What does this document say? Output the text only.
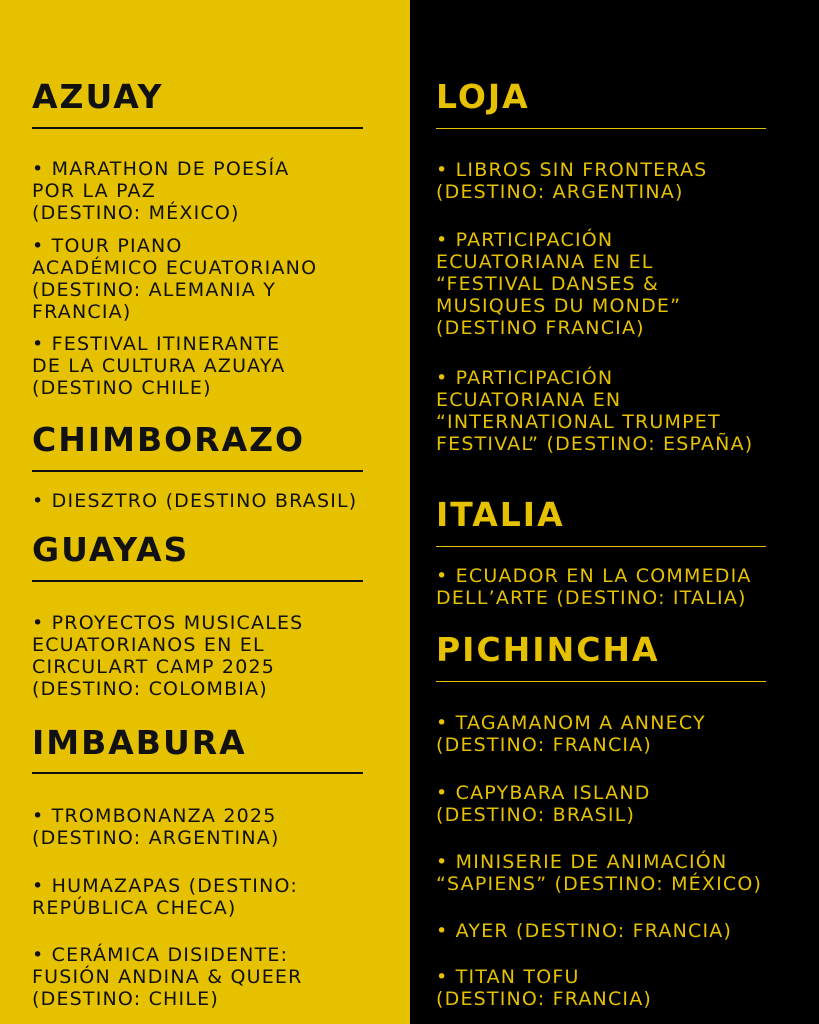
AZUAY

• MARATHON DE POESÍA
POR LA PAZ
(DESTINO: MÉXICO)

• TOUR PIANO
ACADÉMICO ECUATORIANO
(DESTINO: ALEMANIA Y
FRANCIA)

• FESTIVAL ITINERANTE
DE LA CULTURA AZUAYA
(DESTINO CHILE)

CHIMBORAZO

• DIESZTRO (DESTINO BRASIL)

GUAYAS

• PROYECTOS MUSICALES
ECUATORIANOS EN EL
CIRCULART CAMP 2025
(DESTINO: COLOMBIA)

IMBABURA

• TROMBONANZA 2025
(DESTINO: ARGENTINA)

• HUMAZAPAS (DESTINO:
REPÚBLICA CHECA)

• CERÁMICA DISIDENTE:
FUSIÓN ANDINA & QUEER
(DESTINO: CHILE)

LOJA

• LIBROS SIN FRONTERAS
(DESTINO: ARGENTINA)

• PARTICIPACIÓN
ECUATORIANA EN EL
“FESTIVAL DANSES &
MUSIQUES DU MONDE”
(DESTINO FRANCIA)

• PARTICIPACIÓN
ECUATORIANA EN
“INTERNATIONAL TRUMPET
FESTIVAL” (DESTINO: ESPAÑA)

ITALIA

• ECUADOR EN LA COMMEDIA
DELL’ARTE (DESTINO: ITALIA)

PICHINCHA

• TAGAMANOM A ANNECY
(DESTINO: FRANCIA)

• CAPYBARA ISLAND
(DESTINO: BRASIL)

• MINISERIE DE ANIMACIÓN
“SAPIENS” (DESTINO: MÉXICO)

• AYER (DESTINO: FRANCIA)

• TITAN TOFU
(DESTINO: FRANCIA)
